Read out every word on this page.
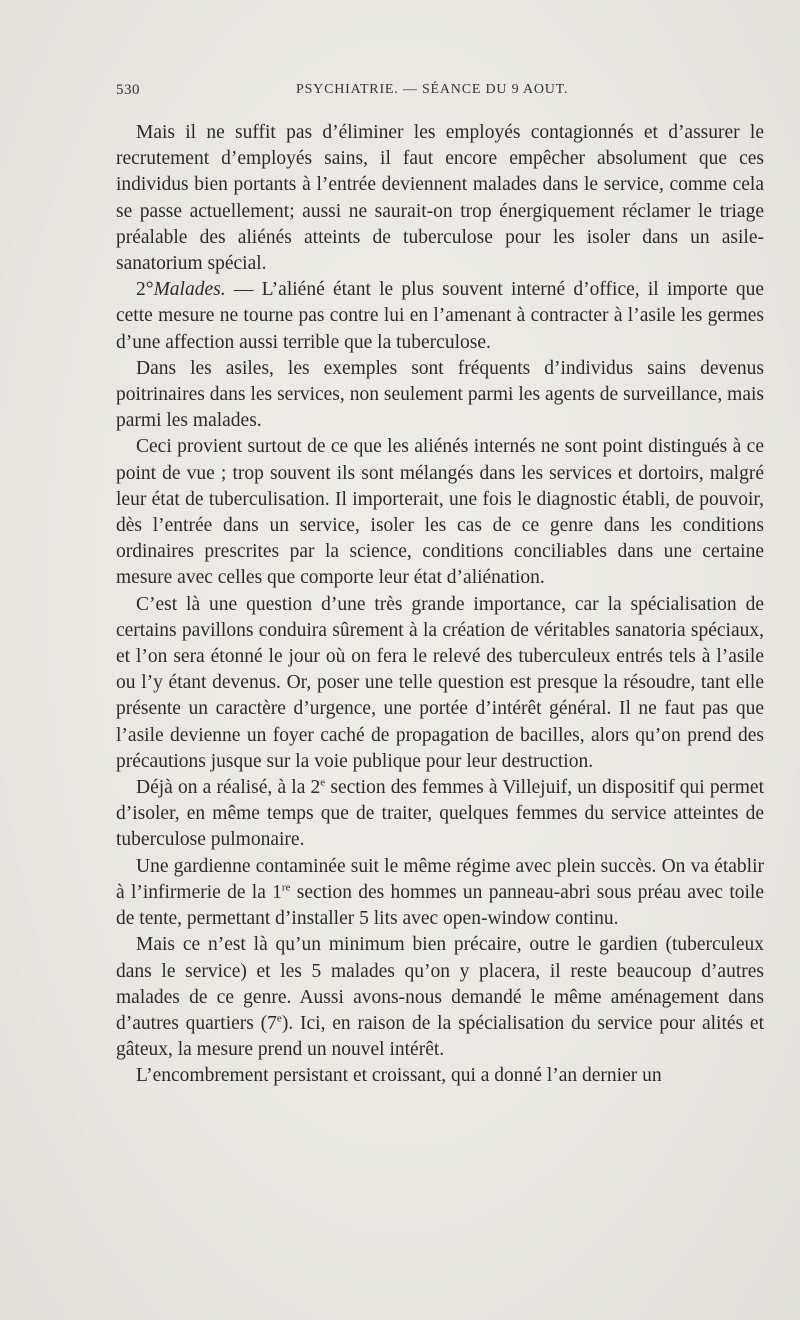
530	PSYCHIATRIE. — SÉANCE DU 9 AOUT.

Mais il ne suffit pas d’éliminer les employés contagionnés et d’assurer le recrutement d’employés sains, il faut encore empêcher absolument que ces individus bien portants à l’entrée deviennent malades dans le service, comme cela se passe actuellement; aussi ne saurait-on trop énergiquement réclamer le triage préalable des aliénés atteints de tuberculose pour les isoler dans un asile-sanatorium spécial.

2°Malades. — L’aliéné étant le plus souvent interné d’office, il importe que cette mesure ne tourne pas contre lui en l’amenant à contracter à l’asile les germes d’une affection aussi terrible que la tuberculose.

Dans les asiles, les exemples sont fréquents d’individus sains devenus poitrinaires dans les services, non seulement parmi les agents de surveillance, mais parmi les malades.

Ceci provient surtout de ce que les aliénés internés ne sont point distingués à ce point de vue ; trop souvent ils sont mélangés dans les services et dortoirs, malgré leur état de tuberculisation. Il importerait, une fois le diagnostic établi, de pouvoir, dès l’entrée dans un service, isoler les cas de ce genre dans les conditions ordinaires prescrites par la science, conditions conciliables dans une certaine mesure avec celles que comporte leur état d’aliénation.

C’est là une question d’une très grande importance, car la spécialisation de certains pavillons conduira sûrement à la création de véritables sanatoria spéciaux, et l’on sera étonné le jour où on fera le relevé des tuberculeux entrés tels à l’asile ou l’y étant devenus. Or, poser une telle question est presque la résoudre, tant elle présente un caractère d’urgence, une portée d’intérêt général. Il ne faut pas que l’asile devienne un foyer caché de propagation de bacilles, alors qu’on prend des précautions jusque sur la voie publique pour leur destruction.

Déjà on a réalisé, à la 2e section des femmes à Villejuif, un dispositif qui permet d’isoler, en même temps que de traiter, quelques femmes du service atteintes de tuberculose pulmonaire.

Une gardienne contaminée suit le même régime avec plein succès. On va établir à l’infirmerie de la 1re section des hommes un panneau-abri sous préau avec toile de tente, permettant d’installer 5 lits avec open-window continu.

Mais ce n’est là qu’un minimum bien précaire, outre le gardien (tuberculeux dans le service) et les 5 malades qu’on y placera, il reste beaucoup d’autres malades de ce genre. Aussi avons-nous demandé le même aménagement dans d’autres quartiers (7e). Ici, en raison de la spécialisation du service pour alités et gâteux, la mesure prend un nouvel intérêt.

L’encombrement persistant et croissant, qui a donné l’an dernier un
